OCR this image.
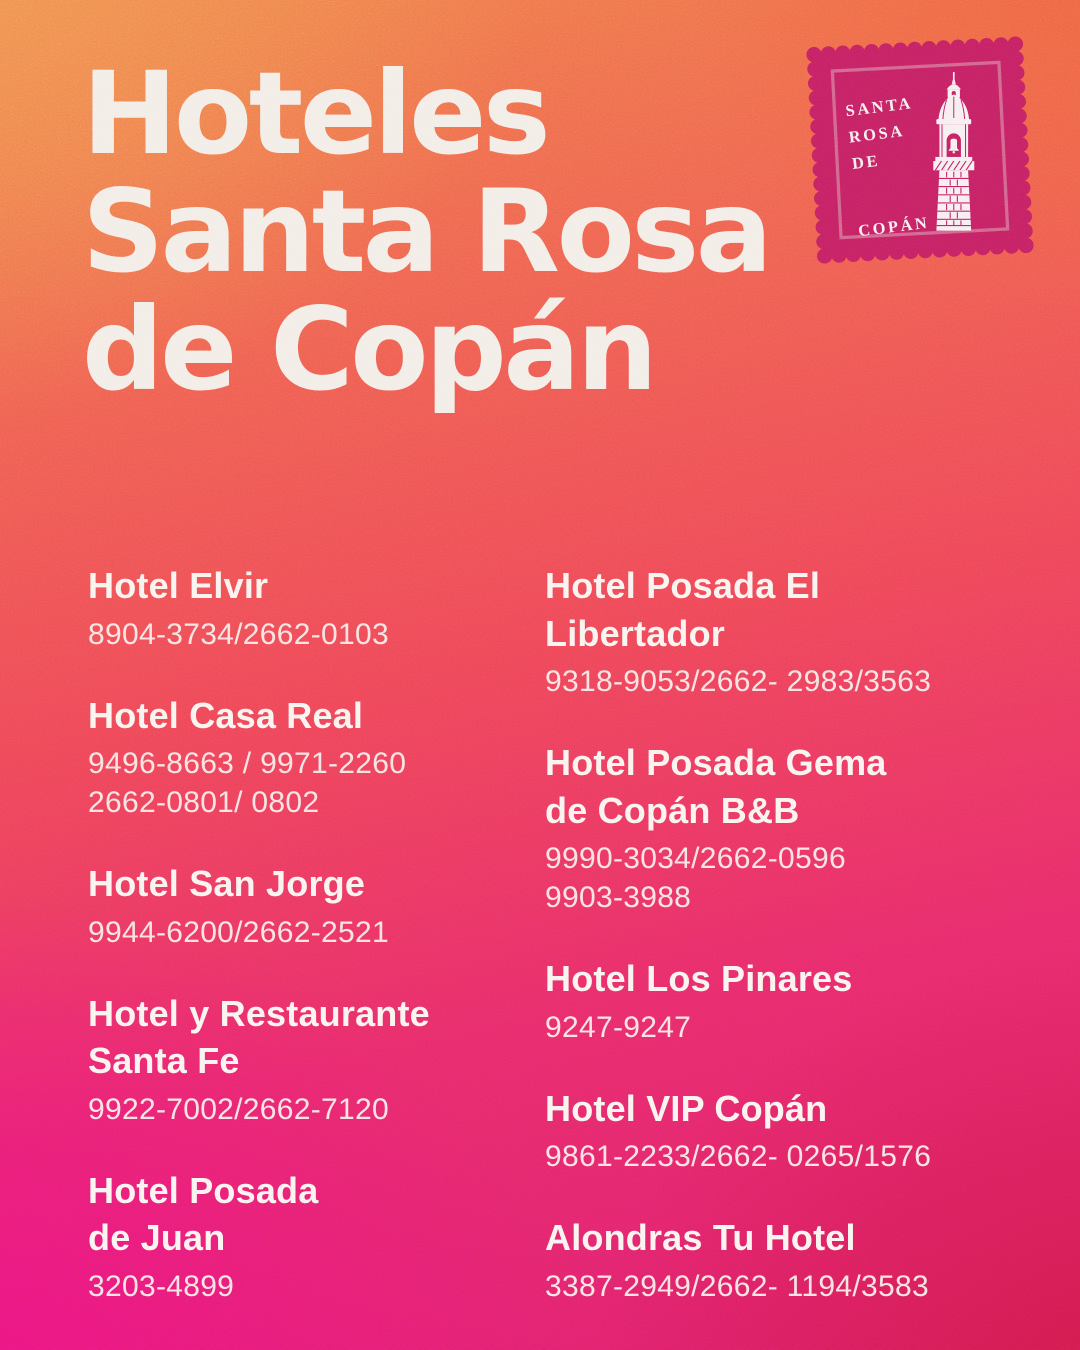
Hoteles
Santa Rosa
de Copán
SANTA
ROSA
DE
COPÁN
Hotel Elvir
8904-3734/2662-0103
Hotel Casa Real
9496-8663 / 9971-2260
2662-0801/ 0802
Hotel San Jorge
9944-6200/2662-2521
Hotel y Restaurante
Santa Fe
9922-7002/2662-7120
Hotel Posada
de Juan
3203-4899
Hotel Posada El
Libertador
9318-9053/2662- 2983/3563
Hotel Posada Gema
de Copán B&B
9990-3034/2662-0596
9903-3988
Hotel Los Pinares
9247-9247
Hotel VIP Copán
9861-2233/2662- 0265/1576
Alondras Tu Hotel
3387-2949/2662- 1194/3583
